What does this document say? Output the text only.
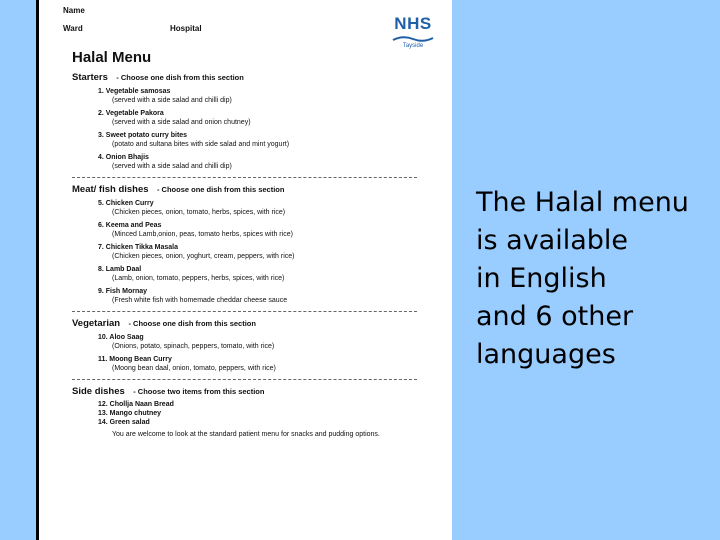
Name
Ward	Hospital	NHS
Tayside
Halal Menu
Starters - Choose one dish from this section
1. Vegetable samosas
(served with a side salad and chilli dip)
2. Vegetable Pakora
(served with a side salad and onion chutney)
3. Sweet potato curry bites
(potato and sultana bites with side salad and mint yogurt)
4. Onion Bhajis
(served with a side salad and chilli dip)
Meat/ fish dishes - Choose one dish from this section
5. Chicken Curry
(Chicken pieces, onion, tomato, herbs, spices, with rice)
6. Keema and Peas
(Minced Lamb,onion, peas, tomato herbs, spices with rice)
7. Chicken Tikka Masala
(Chicken pieces, onion, yoghurt, cream, peppers, with rice)
8. Lamb Daal
(Lamb, onion, tomato, peppers, herbs, spices, with rice)
9. Fish Mornay
(Fresh white fish with homemade cheddar cheese sauce
Vegetarian - Choose one dish from this section
10. Aloo Saag
(Onions, potato, spinach, peppers, tomato, with rice)
11. Moong Bean Curry
(Moong bean daal, onion, tomato, peppers, with rice)
Side dishes - Choose two items from this section
12. Chollja Naan Bread
13. Mango chutney
14. Green salad
You are welcome to look at the standard patient menu for snacks and pudding options.
The Halal menu
is available
in English
and 6 other
languages
